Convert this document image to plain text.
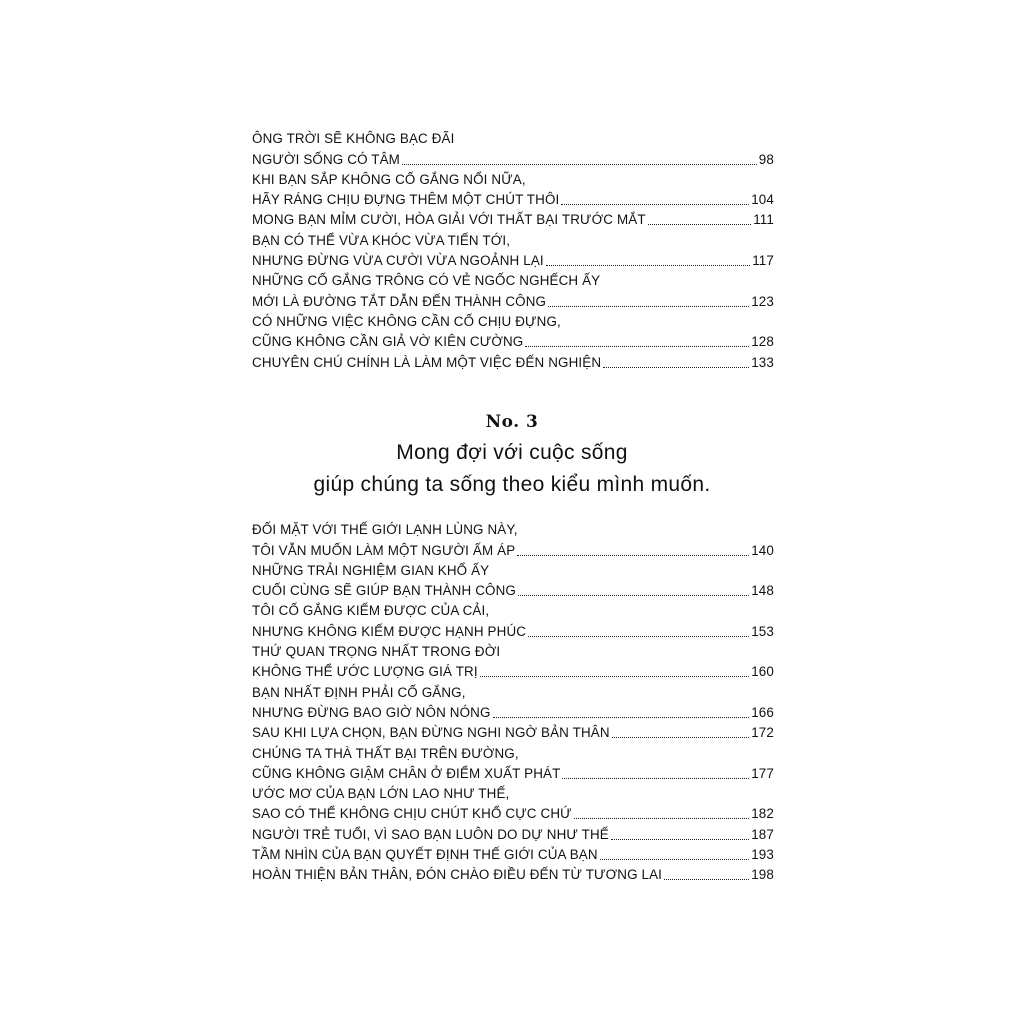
ÔNG TRỜI SẼ KHÔNG BẠC ĐÃI
NGƯỜI SỐNG CÓ TÂM	98
KHI BẠN SẮP KHÔNG CỐ GẮNG NỔI NỮA,
HÃY RÁNG CHỊU ĐỰNG THÊM MỘT CHÚT THÔI	104
MONG BẠN MỈM CƯỜI, HÒA GIẢI VỚI THẤT BẠI TRƯỚC MẮT	111
BẠN CÓ THỂ VỪA KHÓC VỪA TIẾN TỚI,
NHƯNG ĐỪNG VỪA CƯỜI VỪA NGOẢNH LẠI	117
NHỮNG CỐ GẮNG TRÔNG CÓ VẺ NGỐC NGHẾCH ẤY
MỚI LÀ ĐƯỜNG TẮT DẪN ĐẾN THÀNH CÔNG	123
CÓ NHỮNG VIỆC KHÔNG CẦN CỐ CHỊU ĐỰNG,
CŨNG KHÔNG CẦN GIẢ VỜ KIÊN CƯỜNG	128
CHUYÊN CHÚ CHÍNH LÀ LÀM MỘT VIỆC ĐẾN NGHIỆN	133
No. 3
Mong đợi với cuộc sống
giúp chúng ta sống theo kiểu mình muốn.
ĐỐI MẶT VỚI THẾ GIỚI LẠNH LÙNG NÀY,
TÔI VẪN MUỐN LÀM MỘT NGƯỜI ẤM ÁP	140
NHỮNG TRẢI NGHIỆM GIAN KHỔ ẤY
CUỐI CÙNG SẼ GIÚP BẠN THÀNH CÔNG	148
TÔI CỐ GẮNG KIẾM ĐƯỢC CỦA CẢI,
NHƯNG KHÔNG KIẾM ĐƯỢC HẠNH PHÚC	153
THỨ QUAN TRỌNG NHẤT TRONG ĐỜI
KHÔNG THỂ ƯỚC LƯỢNG GIÁ TRỊ	160
BẠN NHẤT ĐỊNH PHẢI CỐ GẮNG,
NHƯNG ĐỪNG BAO GIỜ NÔN NÓNG	166
SAU KHI LỰA CHỌN, BẠN ĐỪNG NGHI NGỜ BẢN THÂN	172
CHÚNG TA THÀ THẤT BẠI TRÊN ĐƯỜNG,
CŨNG KHÔNG GIẬM CHÂN Ở ĐIỂM XUẤT PHÁT	177
ƯỚC MƠ CỦA BẠN LỚN LAO NHƯ THẾ,
SAO CÓ THỂ KHÔNG CHỊU CHÚT KHỔ CỰC CHỨ	182
NGƯỜI TRẺ TUỔI, VÌ SAO BẠN LUÔN DO DỰ NHƯ THẾ	187
TẦM NHÌN CỦA BẠN QUYẾT ĐỊNH THẾ GIỚI CỦA BẠN	193
HOÀN THIỆN BẢN THÂN, ĐÓN CHÀO ĐIỀU ĐẾN TỪ TƯƠNG LAI	198
